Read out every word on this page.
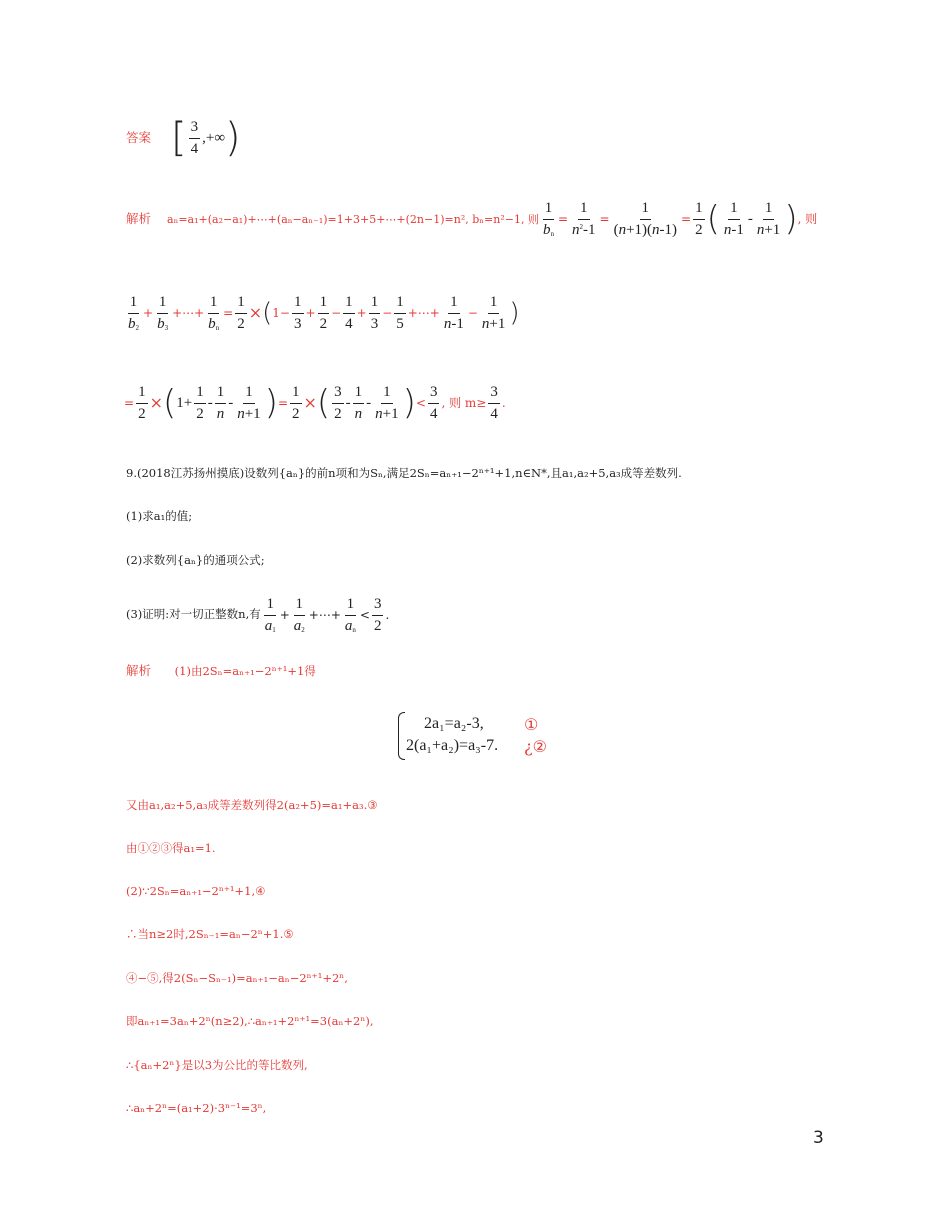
答案 [ $\frac{3}{4}$ ,+∞ )
解析 aₙ=a₁+(a₂−a₁)+⋯+(aₙ−aₙ₋₁)=1+3+5+⋯+(2n−1)=n², bₙ=n²−1, 则 $\frac{1}{b_n} = \frac{1}{n^2-1} = \frac{1}{(n+1)(n-1)} = \frac{1}{2}$ ( $\frac{1}{n-1} - \frac{1}{n+1}$ ) , 则
$\frac{1}{b_2} + \frac{1}{b_3}$ +⋯+ $\frac{1}{b_n} = \frac{1}{2}$ × ( $1- \frac{1}{3} + \frac{1}{2} - \frac{1}{4} + \frac{1}{3} - \frac{1}{5}$ +⋯+ $\frac{1}{n-1} - \frac{1}{n+1}$ )
= $\frac{1}{2}$ × ( $1+ \frac{1}{2} - \frac{1}{n} - \frac{1}{n+1}$ ) = $\frac{1}{2}$ × ( $\frac{3}{2} - \frac{1}{n} - \frac{1}{n+1}$ ) < $\frac{3}{4}$ , 则 $m\ge \frac{3}{4}$ .
9.(2018江苏扬州摸底)设数列{aₙ}的前n项和为Sₙ,满足2Sₙ=aₙ₊₁−2ⁿ⁺¹+1,n∈N*,且a₁,a₂+5,a₃成等差数列.
(1)求a₁的值;
(2)求数列{aₙ}的通项公式;
(3)证明:对一切正整数n,有 $\frac{1}{a_1} + \frac{1}{a_2}$ +⋯+ $\frac{1}{a_n} < \frac{3}{2}$ .
解析 (1)由2Sₙ=aₙ₊₁−2ⁿ⁺¹+1得
2a₁=a₂-3,	①
2(a₁+a₂)=a₃-7. ¿②
又由a₁,a₂+5,a₃成等差数列得2(a₂+5)=a₁+a₃.③
由①②③得a₁=1.
(2)∵2Sₙ=aₙ₊₁−2ⁿ⁺¹+1,④
∴当n≥2时,2Sₙ₋₁=aₙ−2ⁿ+1.⑤
④−⑤,得2(Sₙ−Sₙ₋₁)=aₙ₊₁−aₙ−2ⁿ⁺¹+2ⁿ,
即aₙ₊₁=3aₙ+2ⁿ(n≥2),∴aₙ₊₁+2ⁿ⁺¹=3(aₙ+2ⁿ),
∴{aₙ+2ⁿ}是以3为公比的等比数列,
∴aₙ+2ⁿ=(a₁+2)·3ⁿ⁻¹=3ⁿ,
3
